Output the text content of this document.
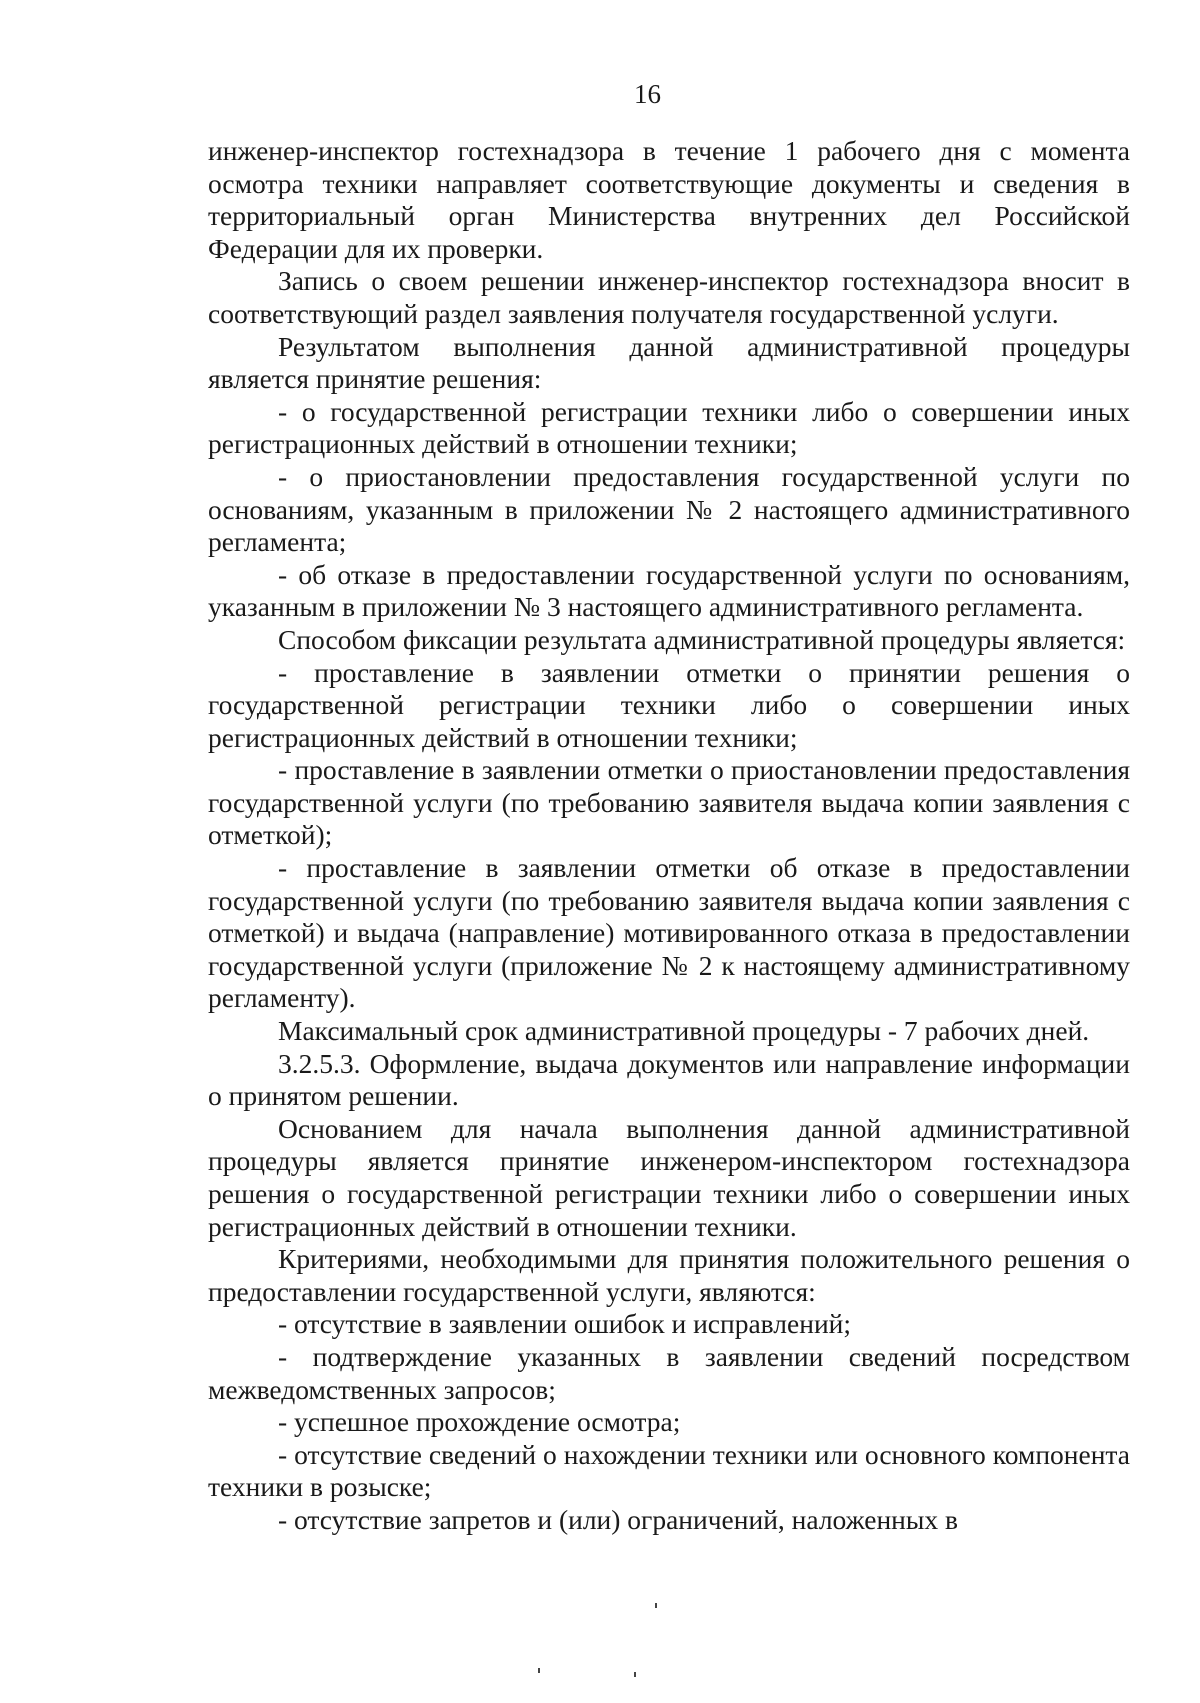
16

инженер-инспектор гостехнадзора в течение 1 рабочего дня с момента осмотра техники направляет соответствующие документы и сведения в территориальный орган Министерства внутренних дел Российской Федерации для их проверки.

Запись о своем решении инженер-инспектор гостехнадзора вносит в соответствующий раздел заявления получателя государственной услуги.

Результатом выполнения данной административной процедуры является принятие решения:

- о государственной регистрации техники либо о совершении иных регистрационных действий в отношении техники;

- о приостановлении предоставления государственной услуги по основаниям, указанным в приложении № 2 настоящего административного регламента;

- об отказе в предоставлении государственной услуги по основаниям, указанным в приложении № 3 настоящего административного регламента.

Способом фиксации результата административной процедуры является:

- проставление в заявлении отметки о принятии решения о государственной регистрации техники либо о совершении иных регистрационных действий в отношении техники;

- проставление в заявлении отметки о приостановлении предоставления государственной услуги (по требованию заявителя выдача копии заявления с отметкой);

- проставление в заявлении отметки об отказе в предоставлении государственной услуги (по требованию заявителя выдача копии заявления с отметкой) и выдача (направление) мотивированного отказа в предоставлении государственной услуги (приложение № 2 к настоящему административному регламенту).

Максимальный срок административной процедуры - 7 рабочих дней.

3.2.5.3. Оформление, выдача документов или направление информации о принятом решении.

Основанием для начала выполнения данной административной процедуры является принятие инженером-инспектором гостехнадзора решения о государственной регистрации техники либо о совершении иных регистрационных действий в отношении техники.

Критериями, необходимыми для принятия положительного решения о предоставлении государственной услуги, являются:

- отсутствие в заявлении ошибок и исправлений;

- подтверждение указанных в заявлении сведений посредством межведомственных запросов;

- успешное прохождение осмотра;

- отсутствие сведений о нахождении техники или основного компонента техники в розыске;

- отсутствие запретов и (или) ограничений, наложенных в
